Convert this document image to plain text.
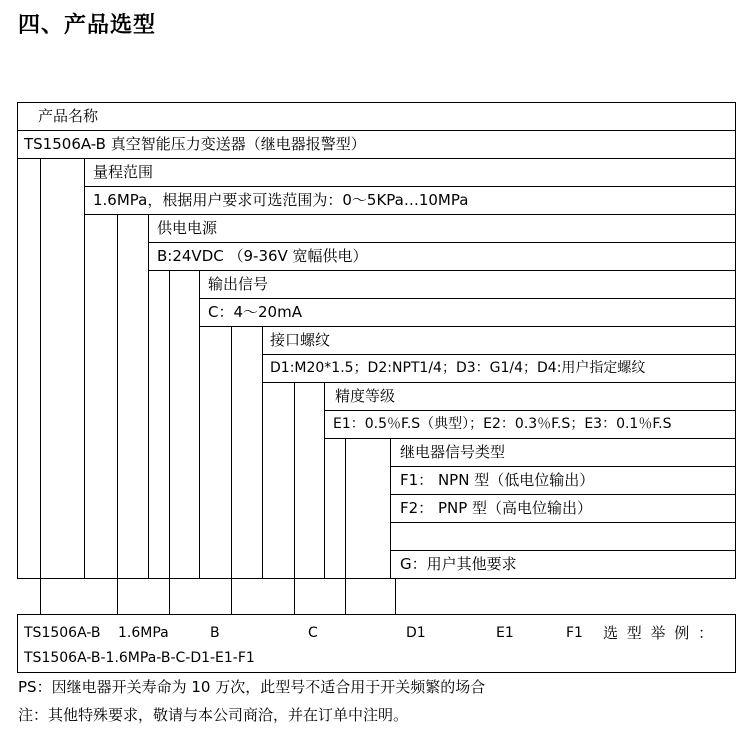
四、产品选型
产品名称
TS1506A-B 真空智能压力变送器（继电器报警型）
量程范围
1.6MPa，根据用户要求可选范围为：0～5KPa…10MPa
供电电源
B:24VDC （9-36V 宽幅供电）
输出信号
C：4～20mA
接口螺纹
D1:M20*1.5；D2:NPT1/4；D3：G1/4；D4:用户指定螺纹
精度等级
E1：0.5％F.S（典型）；E2：0.3％F.S；E3：0.1％F.S
继电器信号类型
F1： NPN 型（低电位输出）
F2： PNP 型（高电位输出）
G：用户其他要求
TS1506A-B 1.6MPa	B	C	D1	E1	F1 选 型 举 例 ：
TS1506A-B-1.6MPa-B-C-D1-E1-F1
PS：因继电器开关寿命为 10 万次，此型号不适合用于开关频繁的场合
注：其他特殊要求，敬请与本公司商洽，并在订单中注明。
